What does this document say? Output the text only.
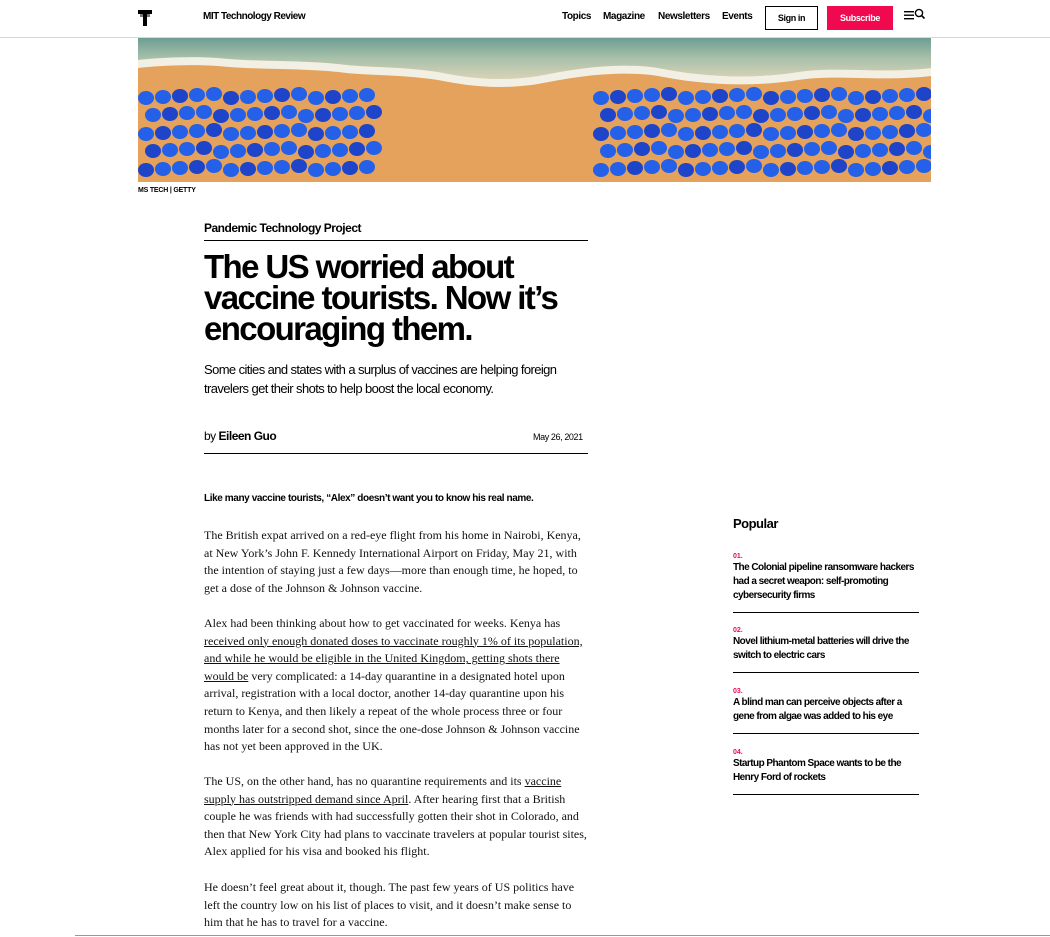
MIT Technology Review	Topics Magazine Newsletters Events	Sign in	Subscribe
MS TECH | GETTY
Pandemic Technology Project
The US worried about vaccine tourists. Now it’s encouraging them.

Some cities and states with a surplus of vaccines are helping foreign travelers get their shots to help boost the local economy.

by Eileen Guo	May 26, 2021
Like many vaccine tourists, “Alex” doesn’t want you to know his real name.

The British expat arrived on a red-eye flight from his home in Nairobi, Kenya, at New York’s John F. Kennedy International Airport on Friday, May 21, with the intention of staying just a few days—more than enough time, he hoped, to get a dose of the Johnson & Johnson vaccine.

Alex had been thinking about how to get vaccinated for weeks. Kenya has received only enough donated doses to vaccinate roughly 1% of its population, and while he would be eligible in the United Kingdom, getting shots there would be very complicated: a 14-day quarantine in a designated hotel upon arrival, registration with a local doctor, another 14-day quarantine upon his return to Kenya, and then likely a repeat of the whole process three or four months later for a second shot, since the one-dose Johnson & Johnson vaccine has not yet been approved in the UK.

The US, on the other hand, has no quarantine requirements and its vaccine supply has outstripped demand since April. After hearing first that a British couple he was friends with had successfully gotten their shot in Colorado, and then that New York City had plans to vaccinate travelers at popular tourist sites, Alex applied for his visa and booked his flight.

He doesn’t feel great about it, though. The past few years of US politics have left the country low on his list of places to visit, and it doesn’t make sense to him that he has to travel for a vaccine.

Popular
01.
The Colonial pipeline ransomware hackers had a secret weapon: self-promoting cybersecurity firms
02.
Novel lithium-metal batteries will drive the switch to electric cars
03.
A blind man can perceive objects after a gene from algae was added to his eye
04.
Startup Phantom Space wants to be the Henry Ford of rockets
